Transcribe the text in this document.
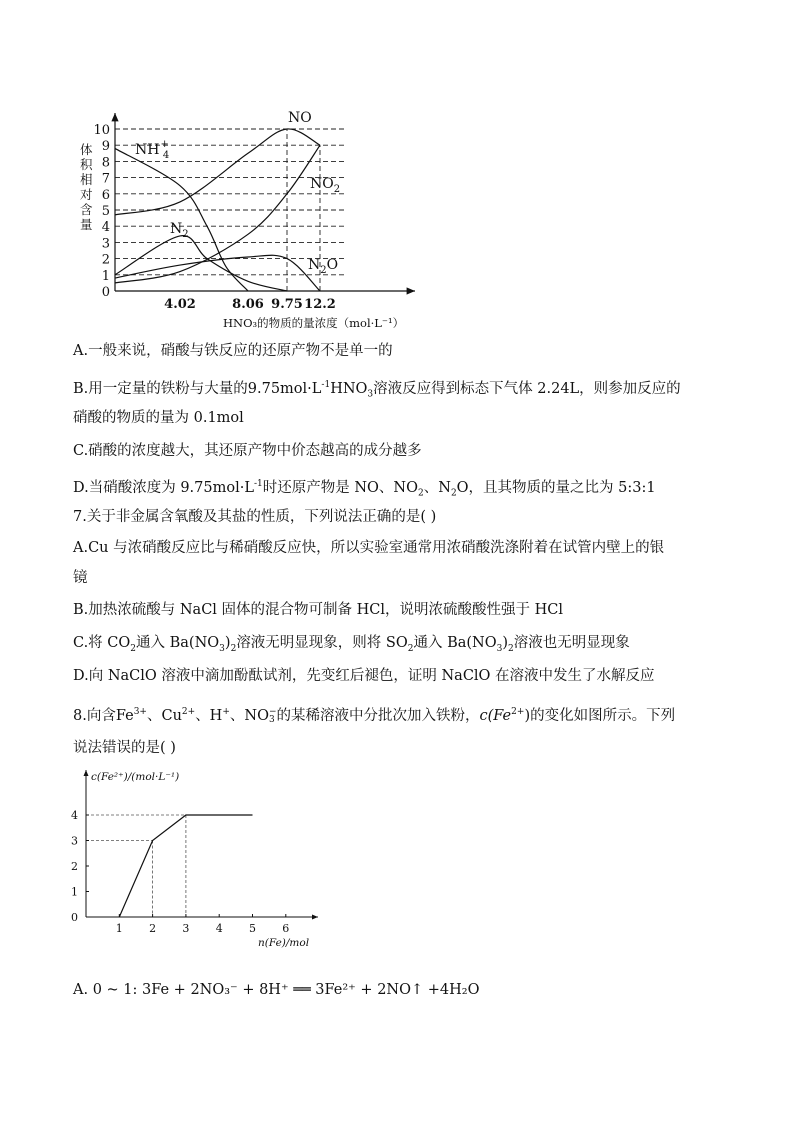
体
积
相
对
含
量
0
1
2
3
4
5
6
7
8
9
10
4.02	8.06 9.75 12.2
NH+ 4
$N_2$
NO
$NO_2$
$N_2O$
HNO₃的物质的量浓度（mol·L⁻¹）
A.一般来说，硝酸与铁反应的还原产物不是单一的
B.用一定量的铁粉与大量的$9.75mol\cdot L^{-1}HNO_3$溶液反应得到标态下气体 2.24L，则参加反应的
硝酸的物质的量为 0.1mol
C.硝酸的浓度越大，其还原产物中价态越高的成分越多
D.当硝酸浓度为 $9.75mol\cdot L^{-1}$时还原产物是 NO、$NO_2$、$N_2O$，且其物质的量之比为 5:3:1
7.关于非金属含氧酸及其盐的性质，下列说法正确的是( )
A.Cu 与浓硝酸反应比与稀硝酸反应快，所以实验室通常用浓硝酸洗涤附着在试管内壁上的银
镜
B.加热浓硫酸与 NaCl 固体的混合物可制备 HCl，说明浓硫酸酸性强于 HCl
C.将 $CO_2$通入 $Ba(NO_3)_2$溶液无明显现象，则将 $SO_2$通入 $Ba(NO_3)_2$溶液也无明显现象
D.向 NaClO 溶液中滴加酚酞试剂，先变红后褪色，证明 NaClO 在溶液中发生了水解反应
8.向含$Fe^{3+}$、$Cu^{2+}$、H+、NO −
3 的某稀溶液中分批次加入铁粉，$c(Fe^{2+})$的变化如图所示。下列
说法错误的是( )
1 2 3 4 5 6
0
1
2
3
4
c(Fe²⁺)/(mol·L⁻¹)
n(Fe)/mol
A. 0 ~ 1: 3Fe + 2NO₃⁻ + 8H⁺ ══ 3Fe²⁺ + 2NO↑ +4H₂O
